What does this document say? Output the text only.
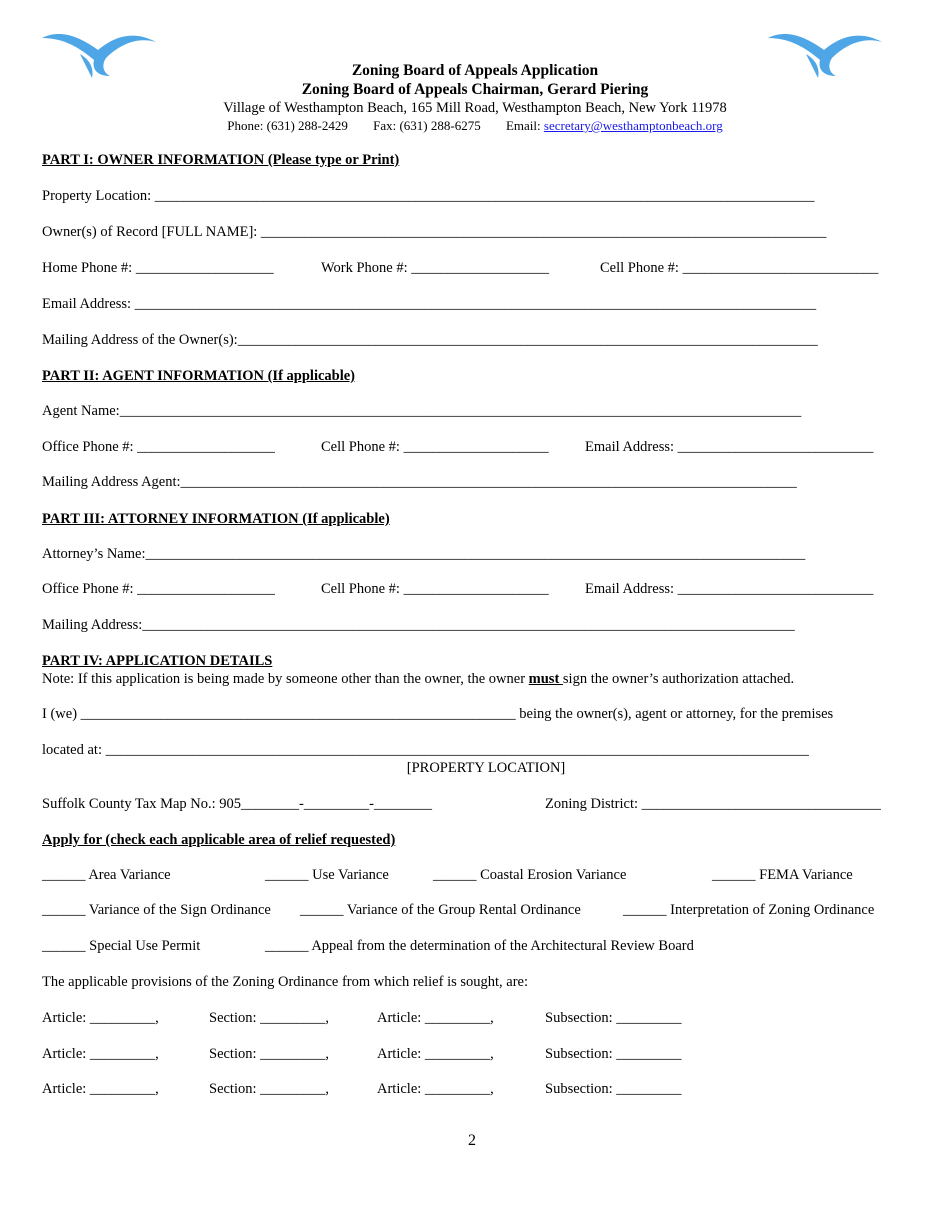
Zoning Board of Appeals Application
Zoning Board of Appeals Chairman, Gerard Piering
Village of Westhampton Beach, 165 Mill Road, Westhampton Beach, New York 11978
Phone: (631) 288-2429 Fax: (631) 288-6275 Email: secretary@westhamptonbeach.org
PART I: OWNER INFORMATION (Please type or Print)
Property Location: ___________________________________________________________________________________________
Owner(s) of Record [FULL NAME]: ______________________________________________________________________________
Home Phone #: ___________________	Work Phone #: ___________________	Cell Phone #: ___________________________
Email Address: ______________________________________________________________________________________________
Mailing Address of the Owner(s):________________________________________________________________________________
PART II: AGENT INFORMATION (If applicable)
Agent Name:______________________________________________________________________________________________
Office Phone #: ___________________	Cell Phone #: ____________________	Email Address: ___________________________
Mailing Address Agent:_____________________________________________________________________________________
PART III: ATTORNEY INFORMATION (If applicable)
Attorney’s Name:___________________________________________________________________________________________
Office Phone #: ___________________	Cell Phone #: ____________________	Email Address: ___________________________
Mailing Address:__________________________________________________________________________________________
PART IV: APPLICATION DETAILS
Note: If this application is being made by someone other than the owner, the owner must sign the owner’s authorization attached.
I (we) ____________________________________________________________ being the owner(s), agent or attorney, for the premises
located at: _________________________________________________________________________________________________
[PROPERTY LOCATION]
Suffolk County Tax Map No.: 905________-_________-________	Zoning District: _________________________________
Apply for (check each applicable area of relief requested)
______ Area Variance	______ Use Variance	______ Coastal Erosion Variance	______ FEMA Variance
______ Variance of the Sign Ordinance ______ Variance of the Group Rental Ordinance	______ Interpretation of Zoning Ordinance
______ Special Use Permit	______ Appeal from the determination of the Architectural Review Board
The applicable provisions of the Zoning Ordinance from which relief is sought, are:
Article: _________,	Section: _________,	Article: _________,	Subsection: _________
Article: _________,	Section: _________,	Article: _________,	Subsection: _________
Article: _________,	Section: _________,	Article: _________,	Subsection: _________
2
